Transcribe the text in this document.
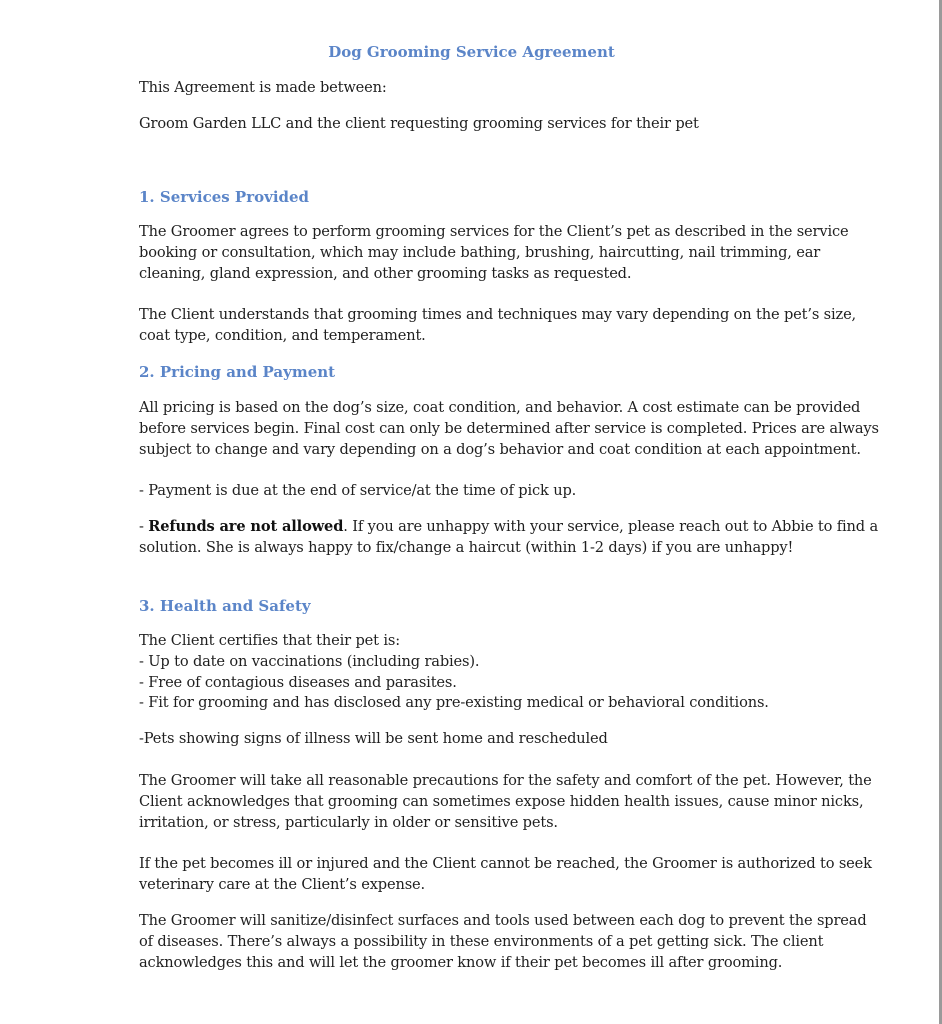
Dog Grooming Service Agreement

This Agreement is made between:

Groom Garden LLC and the client requesting grooming services for their pet

1. Services Provided

The Groomer agrees to perform grooming services for the Client’s pet as described in the service
booking or consultation, which may include bathing, brushing, haircutting, nail trimming, ear
cleaning, gland expression, and other grooming tasks as requested.

The Client understands that grooming times and techniques may vary depending on the pet’s size,
coat type, condition, and temperament.

2. Pricing and Payment

All pricing is based on the dog’s size, coat condition, and behavior. A cost estimate can be provided
before services begin. Final cost can only be determined after service is completed. Prices are always
subject to change and vary depending on a dog’s behavior and coat condition at each appointment.

- Payment is due at the end of service/at the time of pick up.

- Refunds are not allowed. If you are unhappy with your service, please reach out to Abbie to find a
solution. She is always happy to fix/change a haircut (within 1-2 days) if you are unhappy!

3. Health and Safety

The Client certifies that their pet is:
- Up to date on vaccinations (including rabies).
- Free of contagious diseases and parasites.
- Fit for grooming and has disclosed any pre-existing medical or behavioral conditions.

-Pets showing signs of illness will be sent home and rescheduled

The Groomer will take all reasonable precautions for the safety and comfort of the pet. However, the
Client acknowledges that grooming can sometimes expose hidden health issues, cause minor nicks,
irritation, or stress, particularly in older or sensitive pets.

If the pet becomes ill or injured and the Client cannot be reached, the Groomer is authorized to seek
veterinary care at the Client’s expense.

The Groomer will sanitize/disinfect surfaces and tools used between each dog to prevent the spread
of diseases. There’s always a possibility in these environments of a pet getting sick. The client
acknowledges this and will let the groomer know if their pet becomes ill after grooming.
